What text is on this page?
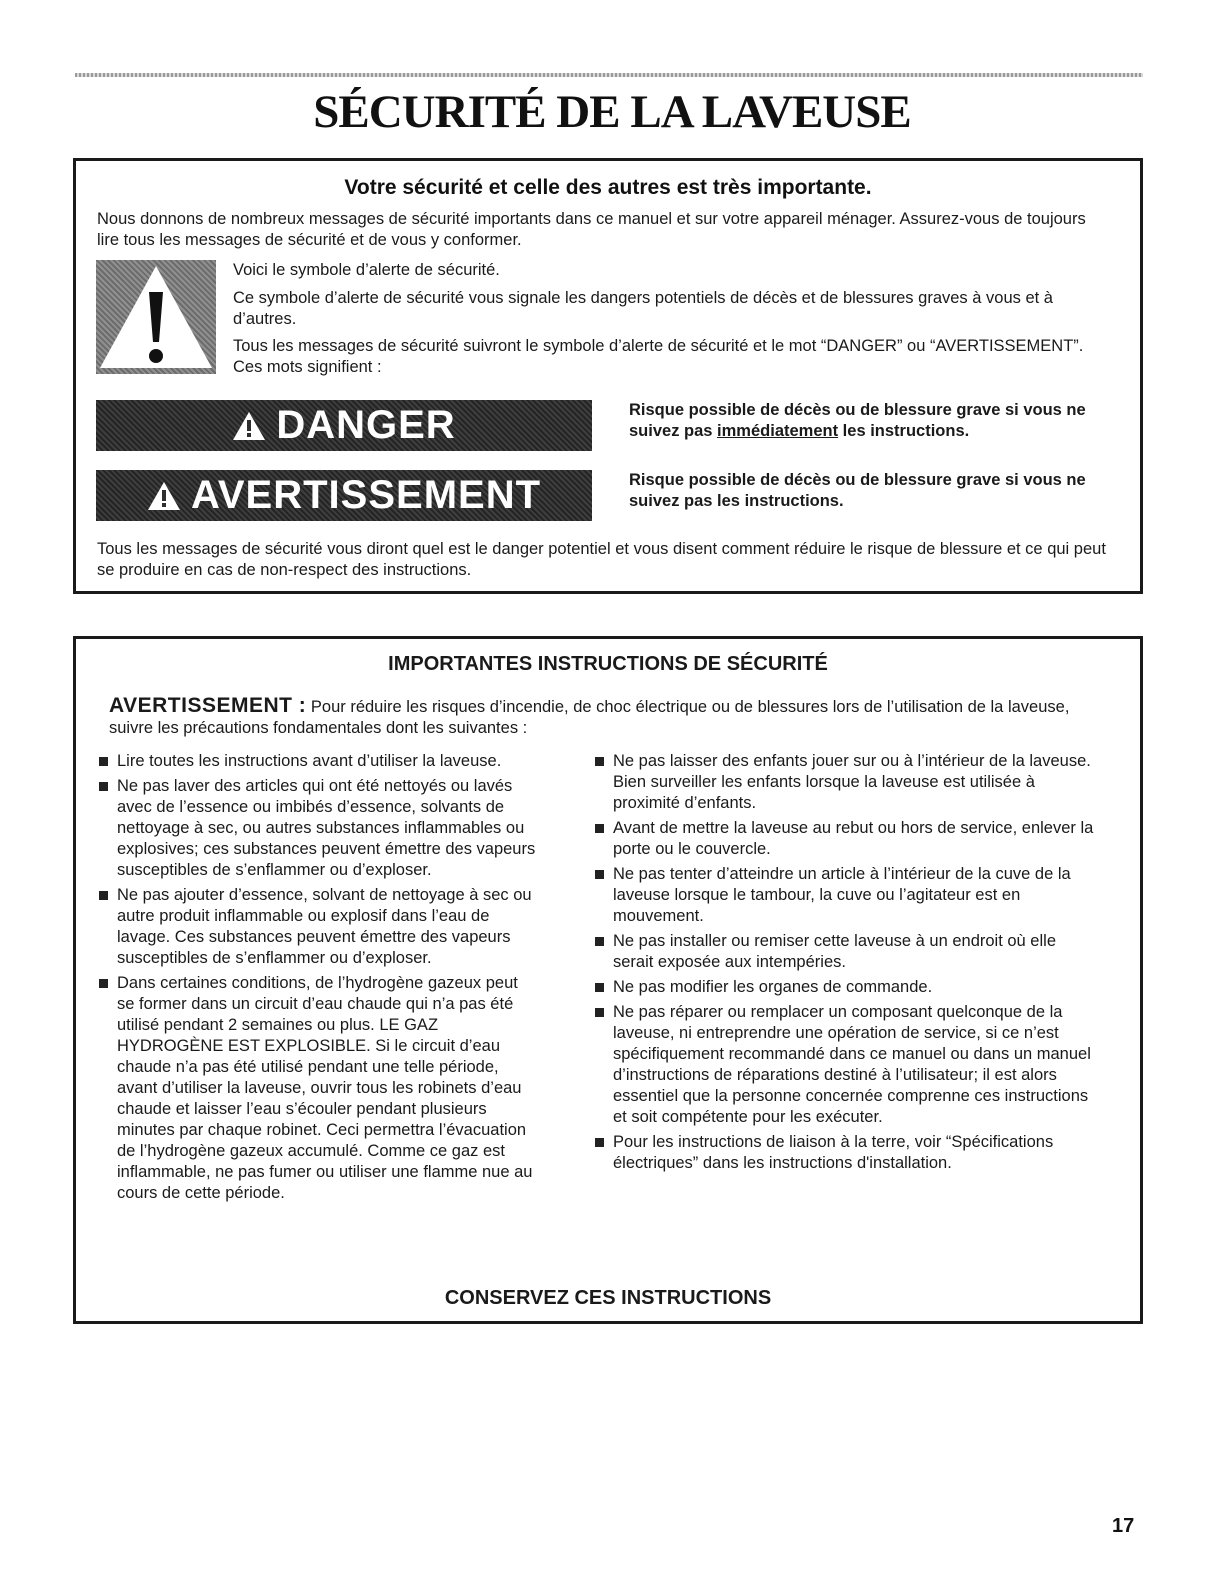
SÉCURITÉ DE LA LAVEUSE
Votre sécurité et celle des autres est très importante.
Nous donnons de nombreux messages de sécurité importants dans ce manuel et sur votre appareil ménager. Assurez-vous de toujours lire tous les messages de sécurité et de vous y conformer.
Voici le symbole d’alerte de sécurité.
Ce symbole d’alerte de sécurité vous signale les dangers potentiels de décès et de blessures graves à vous et à d’autres.
Tous les messages de sécurité suivront le symbole d’alerte de sécurité et le mot “DANGER” ou “AVERTISSEMENT”. Ces mots signifient :
DANGER	Risque possible de décès ou de blessure grave si vous ne suivez pas immédiatement les instructions.
AVERTISSEMENT	Risque possible de décès ou de blessure grave si vous ne suivez pas les instructions.
Tous les messages de sécurité vous diront quel est le danger potentiel et vous disent comment réduire le risque de blessure et ce qui peut se produire en cas de non-respect des instructions.
IMPORTANTES INSTRUCTIONS DE SÉCURITÉ
AVERTISSEMENT : Pour réduire les risques d’incendie, de choc électrique ou de blessures lors de l’utilisation de la laveuse, suivre les précautions fondamentales dont les suivantes :
Lire toutes les instructions avant d’utiliser la laveuse.
Ne pas laver des articles qui ont été nettoyés ou lavés avec de l’essence ou imbibés d’essence, solvants de nettoyage à sec, ou autres substances inflammables ou explosives; ces substances peuvent émettre des vapeurs susceptibles de s’enflammer ou d’exploser.
Ne pas ajouter d’essence, solvant de nettoyage à sec ou autre produit inflammable ou explosif dans l’eau de lavage. Ces substances peuvent émettre des vapeurs susceptibles de s’enflammer ou d’exploser.
Dans certaines conditions, de l’hydrogène gazeux peut se former dans un circuit d’eau chaude qui n’a pas été utilisé pendant 2 semaines ou plus. LE GAZ HYDROGÈNE EST EXPLOSIBLE. Si le circuit d’eau chaude n’a pas été utilisé pendant une telle période, avant d’utiliser la laveuse, ouvrir tous les robinets d’eau chaude et laisser l’eau s’écouler pendant plusieurs minutes par chaque robinet. Ceci permettra l’évacuation de l’hydrogène gazeux accumulé. Comme ce gaz est inflammable, ne pas fumer ou utiliser une flamme nue au cours de cette période.
Ne pas laisser des enfants jouer sur ou à l’intérieur de la laveuse. Bien surveiller les enfants lorsque la laveuse est utilisée à proximité d’enfants.
Avant de mettre la laveuse au rebut ou hors de service, enlever la porte ou le couvercle.
Ne pas tenter d’atteindre un article à l’intérieur de la cuve de la laveuse lorsque le tambour, la cuve ou l’agitateur est en mouvement.
Ne pas installer ou remiser cette laveuse à un endroit où elle serait exposée aux intempéries.
Ne pas modifier les organes de commande.
Ne pas réparer ou remplacer un composant quelconque de la laveuse, ni entreprendre une opération de service, si ce n’est spécifiquement recommandé dans ce manuel ou dans un manuel d’instructions de réparations destiné à l’utilisateur; il est alors essentiel que la personne concernée comprenne ces instructions et soit compétente pour les exécuter.
Pour les instructions de liaison à la terre, voir “Spécifications électriques” dans les instructions d'installation.
CONSERVEZ CES INSTRUCTIONS
17
